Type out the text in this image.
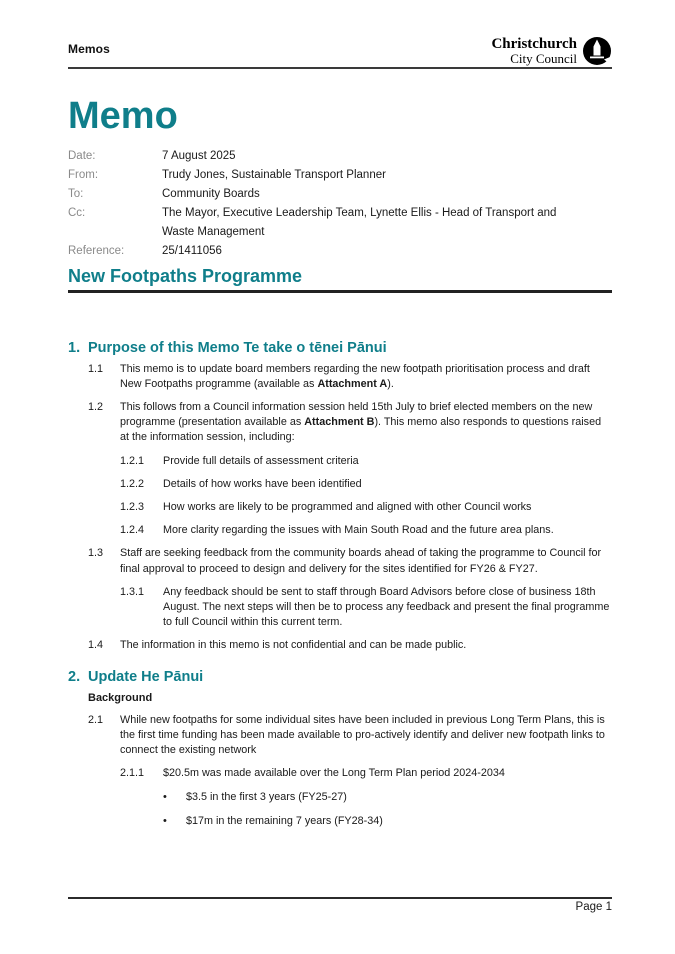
Memos	Christchurch
City Council
Memo
Date:	7 August 2025
From:	Trudy Jones, Sustainable Transport Planner
To:	Community Boards
Cc:	The Mayor, Executive Leadership Team, Lynette Ellis - Head of Transport and Waste Management
Reference:	25/1411056
New Footpaths Programme
1. Purpose of this Memo Te take o tēnei Pānui
1.1	This memo is to update board members regarding the new footpath prioritisation process and draft New Footpaths programme (available as Attachment A).
1.2	This follows from a Council information session held 15th July to brief elected members on the new programme (presentation available as Attachment B). This memo also responds to questions raised at the information session, including:
1.2.1	Provide full details of assessment criteria
1.2.2	Details of how works have been identified
1.2.3	How works are likely to be programmed and aligned with other Council works
1.2.4	More clarity regarding the issues with Main South Road and the future area plans.
1.3	Staff are seeking feedback from the community boards ahead of taking the programme to Council for final approval to proceed to design and delivery for the sites identified for FY26 & FY27.
1.3.1	Any feedback should be sent to staff through Board Advisors before close of business 18th August. The next steps will then be to process any feedback and present the final programme to full Council within this current term.
1.4	The information in this memo is not confidential and can be made public.
2. Update He Pānui
Background
2.1	While new footpaths for some individual sites have been included in previous Long Term Plans, this is the first time funding has been made available to pro-actively identify and deliver new footpath links to connect the existing network
2.1.1	$20.5m was made available over the Long Term Plan period 2024-2034
•	$3.5 in the first 3 years (FY25-27)
•	$17m in the remaining 7 years (FY28-34)
Page 1
